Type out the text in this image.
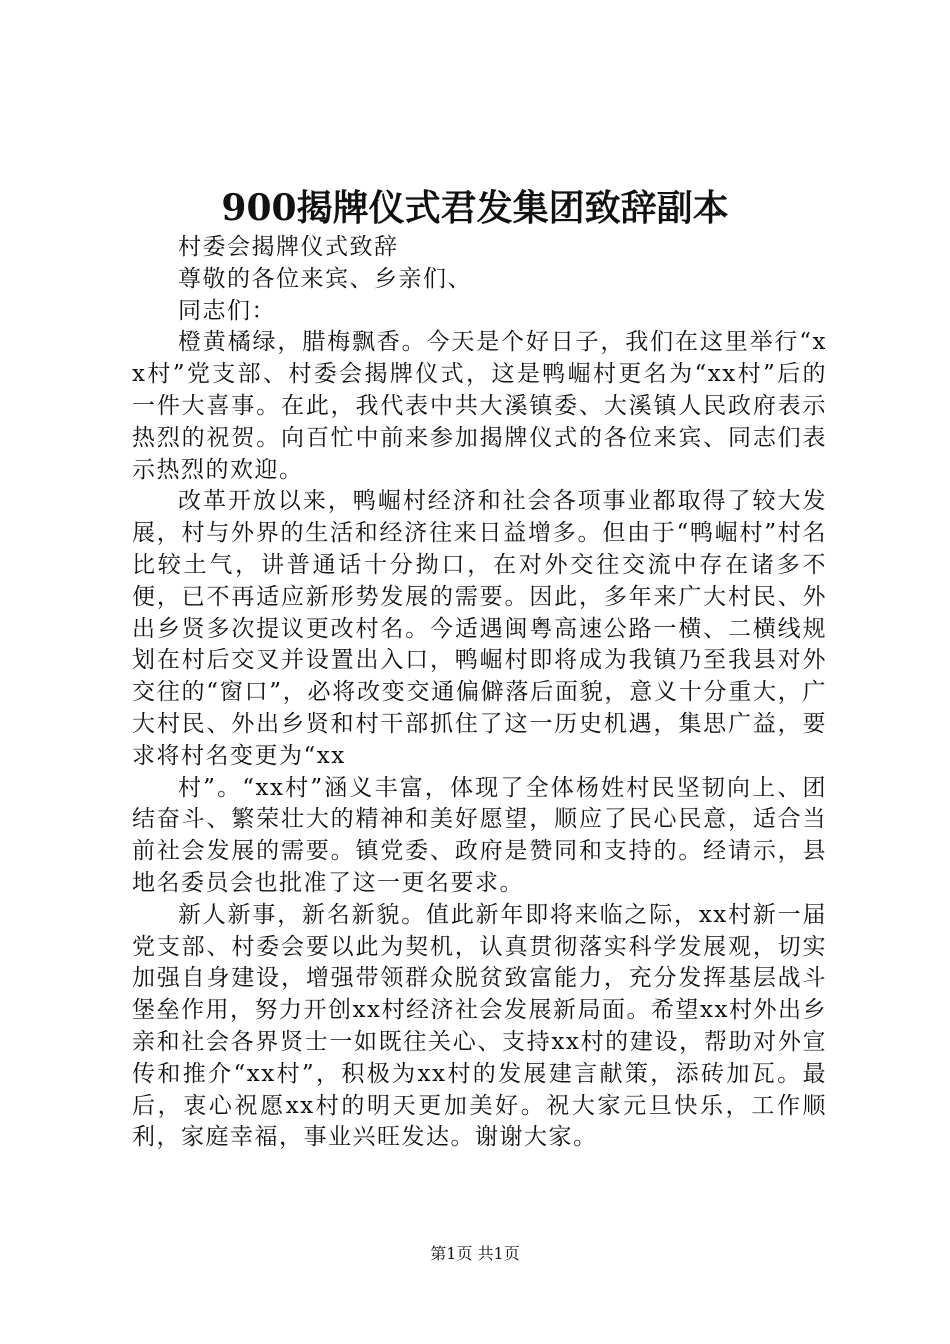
900揭牌仪式君发集团致辞副本

村委会揭牌仪式致辞

尊敬的各位来宾、乡亲们、

同志们：

橙黄橘绿，腊梅飘香。今天是个好日子，我们在这里举行“xx村”党支部、村委会揭牌仪式，这是鸭崛村更名为“xx村”后的一件大喜事。在此，我代表中共大溪镇委、大溪镇人民政府表示热烈的祝贺。向百忙中前来参加揭牌仪式的各位来宾、同志们表示热烈的欢迎。

改革开放以来，鸭崛村经济和社会各项事业都取得了较大发展，村与外界的生活和经济往来日益增多。但由于“鸭崛村”村名比较土气，讲普通话十分拗口，在对外交往交流中存在诸多不便，已不再适应新形势发展的需要。因此，多年来广大村民、外出乡贤多次提议更改村名。今适遇闽粤高速公路一横、二横线规划在村后交叉并设置出入口，鸭崛村即将成为我镇乃至我县对外交往的“窗口”，必将改变交通偏僻落后面貌，意义十分重大，广大村民、外出乡贤和村干部抓住了这一历史机遇，集思广益，要求将村名变更为“xx

村”。“xx村”涵义丰富，体现了全体杨姓村民坚韧向上、团结奋斗、繁荣壮大的精神和美好愿望，顺应了民心民意，适合当前社会发展的需要。镇党委、政府是赞同和支持的。经请示，县地名委员会也批准了这一更名要求。

新人新事，新名新貌。值此新年即将来临之际，xx村新一届党支部、村委会要以此为契机，认真贯彻落实科学发展观，切实加强自身建设，增强带领群众脱贫致富能力，充分发挥基层战斗堡垒作用，努力开创xx村经济社会发展新局面。希望xx村外出乡亲和社会各界贤士一如既往关心、支持xx村的建设，帮助对外宣传和推介“xx村”，积极为xx村的发展建言献策，添砖加瓦。最后，衷心祝愿xx村的明天更加美好。祝大家元旦快乐，工作顺利，家庭幸福，事业兴旺发达。谢谢大家。

第1页 共1页
